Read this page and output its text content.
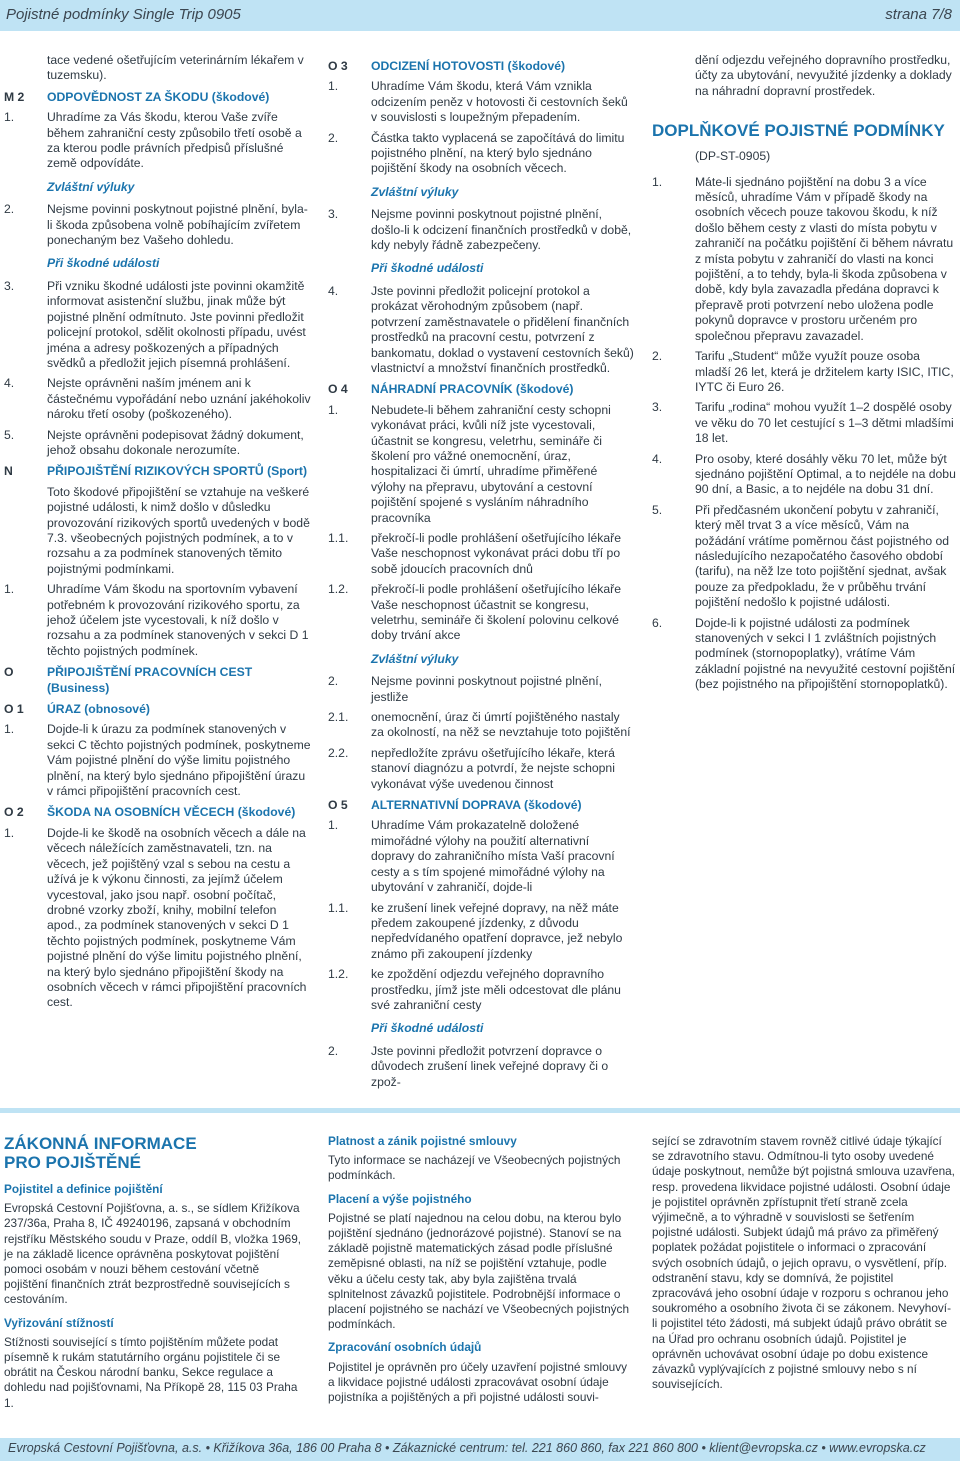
Pojistné podmínky Single Trip 0905	strana 7/8
tace vedené ošetřujícím veterinárním lékařem v tuzemsku).
M 2	ODPOVĚDNOST ZA ŠKODU (škodové)
1.	Uhradíme za Vás škodu, kterou Vaše zvíře během zahraniční cesty způsobilo třetí osobě a za kterou podle právních předpisů příslušné země odpovídáte.
Zvláštní výluky
2.	Nejsme povinni poskytnout pojistné plnění, byla-li škoda způsobena volně pobíhajícím zvířetem ponechaným bez Vašeho dohledu.
Při škodné události
3.	Při vzniku škodné události jste povinni okamžitě informovat asistenční službu, jinak může být pojistné plnění odmítnuto. Jste povinni předložit policejní protokol, sdělit okolnosti případu, uvést jména a adresy poškozených a případných svědků a předložit jejich písemná prohlášení.
4.	Nejste oprávněni naším jménem ani k částečnému vypořádání nebo uznání jakéhokoliv nároku třetí osoby (poškozeného).
5.	Nejste oprávněni podepisovat žádný dokument, jehož obsahu dokonale nerozumíte.
N	PŘIPOJIŠTĚNÍ RIZIKOVÝCH SPORTŮ (Sport)
Toto škodové připojištění se vztahuje na veškeré pojistné události, k nimž došlo v důsledku provozování rizikových sportů uvedených v bodě 7.3. všeobecných pojistných podmínek, a to v rozsahu a za podmínek stanovených těmito pojistnými podmínkami.
1.	Uhradíme Vám škodu na sportovním vybavení potřebném k provozování rizikového sportu, za jehož účelem jste vycestovali, k níž došlo v rozsahu a za podmínek stanovených v sekci D 1 těchto pojistných podmínek.
O	PŘIPOJIŠTĚNÍ PRACOVNÍCH CEST (Business)
O 1	ÚRAZ (obnosové)
1.	Dojde-li k úrazu za podmínek stanovených v sekci C těchto pojistných podmínek, poskytneme Vám pojistné plnění do výše limitu pojistného plnění, na který bylo sjednáno připojištění úrazu v rámci připojištění pracovních cest.
O 2	ŠKODA NA OSOBNÍCH VĚCECH (škodové)
1.	Dojde-li ke škodě na osobních věcech a dále na věcech náležících zaměstnavateli, tzn. na věcech, jež pojištěný vzal s sebou na cestu a užívá je k výkonu činnosti, za jejímž účelem vycestoval, jako jsou např. osobní počítač, drobné vzorky zboží, knihy, mobilní telefon apod., za podmínek stanovených v sekci D 1 těchto pojistných podmínek, poskytneme Vám pojistné plnění do výše limitu pojistného plnění, na který bylo sjednáno připojištění škody na osobních věcech v rámci připojištění pracovních cest.
O 3	ODCIZENÍ HOTOVOSTI (škodové)
1.	Uhradíme Vám škodu, která Vám vznikla odcizením peněz v hotovosti či cestovních šeků v souvislosti s loupežným přepadením.
2.	Částka takto vyplacená se započítává do limitu pojistného plnění, na který bylo sjednáno pojištění škody na osobních věcech.
Zvláštní výluky
3.	Nejsme povinni poskytnout pojistné plnění, došlo-li k odcizení finančních prostředků v době, kdy nebyly řádně zabezpečeny.
Při škodné události
4.	Jste povinni předložit policejní protokol a prokázat věrohodným způsobem (např. potvrzení zaměstnavatele o přidělení finančních prostředků na pracovní cestu, potvrzení z bankomatu, doklad o vystavení cestovních šeků) vlastnictví a množství finančních prostředků.
O 4	NÁHRADNÍ PRACOVNÍK (škodové)
1.	Nebudete-li během zahraniční cesty schopni vykonávat práci, kvůli níž jste vycestovali, účastnit se kongresu, veletrhu, semináře či školení pro vážné onemocnění, úraz, hospitalizaci či úmrtí, uhradíme přiměřené výlohy na přepravu, ubytování a cestovní pojištění spojené s vysláním náhradního pracovníka
1.1.	překročí-li podle prohlášení ošetřujícího lékaře Vaše neschopnost vykonávat práci dobu tří po sobě jdoucích pracovních dnů
1.2.	překročí-li podle prohlášení ošetřujícího lékaře Vaše neschopnost účastnit se kongresu, veletrhu, semináře či školení polovinu celkové doby trvání akce
Zvláštní výluky
2.	Nejsme povinni poskytnout pojistné plnění, jestliže
2.1.	onemocnění, úraz či úmrtí pojištěného nastaly za okolností, na něž se nevztahuje toto pojištění
2.2.	nepředložíte zprávu ošetřujícího lékaře, která stanoví diagnózu a potvrdí, že nejste schopni vykonávat výše uvedenou činnost
O 5	ALTERNATIVNÍ DOPRAVA (škodové)
1.	Uhradíme Vám prokazatelně doložené mimořádné výlohy na použití alternativní dopravy do zahraničního místa Vaší pracovní cesty a s tím spojené mimořádné výlohy na ubytování v zahraničí, dojde-li
1.1.	ke zrušení linek veřejné dopravy, na něž máte předem zakoupené jízdenky, z důvodu nepředvídaného opatření dopravce, jež nebylo známo při zakoupení jízdenky
1.2.	ke zpoždění odjezdu veřejného dopravního prostředku, jímž jste měli odcestovat dle plánu své zahraniční cesty
Při škodné události
2.	Jste povinni předložit potvrzení dopravce o důvodech zrušení linek veřejné dopravy či o zpož-
dění odjezdu veřejného dopravního prostředku, účty za ubytování, nevyužité jízdenky a doklady na náhradní dopravní prostředek.
DOPLŇKOVÉ POJISTNÉ PODMÍNKY
(DP-ST-0905)
1.	Máte-li sjednáno pojištění na dobu 3 a více měsíců, uhradíme Vám v případě škody na osobních věcech pouze takovou škodu, k níž došlo během cesty z vlasti do místa pobytu v zahraničí na počátku pojištění či během návratu z místa pobytu v zahraničí do vlasti na konci pojištění, a to tehdy, byla-li škoda způsobena v době, kdy byla zavazadla předána dopravci k přepravě proti potvrzení nebo uložena podle pokynů dopravce v prostoru určeném pro společnou přepravu zavazadel.
2.	Tarifu „Student“ může využít pouze osoba mladší 26 let, která je držitelem karty ISIC, ITIC, IYTC či Euro 26.
3.	Tarifu „rodina“ mohou využít 1–2 dospělé osoby ve věku do 70 let cestující s 1–3 dětmi mladšími 18 let.
4.	Pro osoby, které dosáhly věku 70 let, může být sjednáno pojištění Optimal, a to nejdéle na dobu 90 dní, a Basic, a to nejdéle na dobu 31 dní.
5.	Při předčasném ukončení pobytu v zahraničí, který měl trvat 3 a více měsíců, Vám na požádání vrátíme poměrnou část pojistného od následujícího nezapočatého časového období (tarifu), na něž lze toto pojištění sjednat, avšak pouze za předpokladu, že v průběhu trvání pojištění nedošlo k pojistné události.
6.	Dojde-li k pojistné události za podmínek stanovených v sekci I 1 zvláštních pojistných podmínek (stornopoplatky), vrátíme Vám základní pojistné na nevyužité cestovní pojištění (bez pojistného na připojištění stornopoplatků).
ZÁKONNÁ INFORMACE
PRO POJIŠTĚNÉ
Pojistitel a definice pojištění
Evropská Cestovní Pojišťovna, a. s., se sídlem Křižíkova 237/36a, Praha 8, IČ 49240196, zapsaná v obchodním rejstříku Městského soudu v Praze, oddíl B, vložka 1969, je na základě licence oprávněna poskytovat pojištění pomoci osobám v nouzi během cestování včetně pojištění finančních ztrát bezprostředně souvisejících s cestováním.
Vyřizování stížností
Stížnosti související s tímto pojištěním můžete podat písemně k rukám statutárního orgánu pojistitele či se obrátit na Českou národní banku, Sekce regulace a dohledu nad pojišťovnami, Na Příkopě 28, 115 03 Praha 1.
Platnost a zánik pojistné smlouvy
Tyto informace se nacházejí ve Všeobecných pojistných podmínkách.
Placení a výše pojistného
Pojistné se platí najednou na celou dobu, na kterou bylo pojištění sjednáno (jednorázové pojistné). Stanoví se na základě pojistně matematických zásad podle příslušné zeměpisné oblasti, na níž se pojištění vztahuje, podle věku a účelu cesty tak, aby byla zajištěna trvalá splnitelnost závazků pojistitele. Podrobnější informace o placení pojistného se nachází ve Všeobecných pojistných podmínkách.
Zpracování osobních údajů
Pojistitel je oprávněn pro účely uzavření pojistné smlouvy a likvidace pojistné události zpracovávat osobní údaje pojistníka a pojištěných a při pojistné události souvi-
sející se zdravotním stavem rovněž citlivé údaje týkající se zdravotního stavu. Odmítnou-li tyto osoby uvedené údaje poskytnout, nemůže být pojistná smlouva uzavřena, resp. provedena likvidace pojistné události. Osobní údaje je pojistitel oprávněn zpřístupnit třetí straně zcela výjimečně, a to výhradně v souvislosti se šetřením pojistné události. Subjekt údajů má právo za přiměřený poplatek požádat pojistitele o informaci o zpracování svých osobních údajů, o jejich opravu, o vysvětlení, příp. odstranění stavu, kdy se domnívá, že pojistitel zpracovává jeho osobní údaje v rozporu s ochranou jeho soukromého a osobního života či se zákonem. Nevyhoví-li pojistitel této žádosti, má subjekt údajů právo obrátit se na Úřad pro ochranu osobních údajů. Pojistitel je oprávněn uchovávat osobní údaje po dobu existence závazků vyplývajících z pojistné smlouvy nebo s ní souvisejících.
Evropská Cestovní Pojišťovna, a.s. • Křižíkova 36a, 186 00 Praha 8 • Zákaznické centrum: tel. 221 860 860, fax 221 860 800 • klient@evropska.cz • www.evropska.cz
